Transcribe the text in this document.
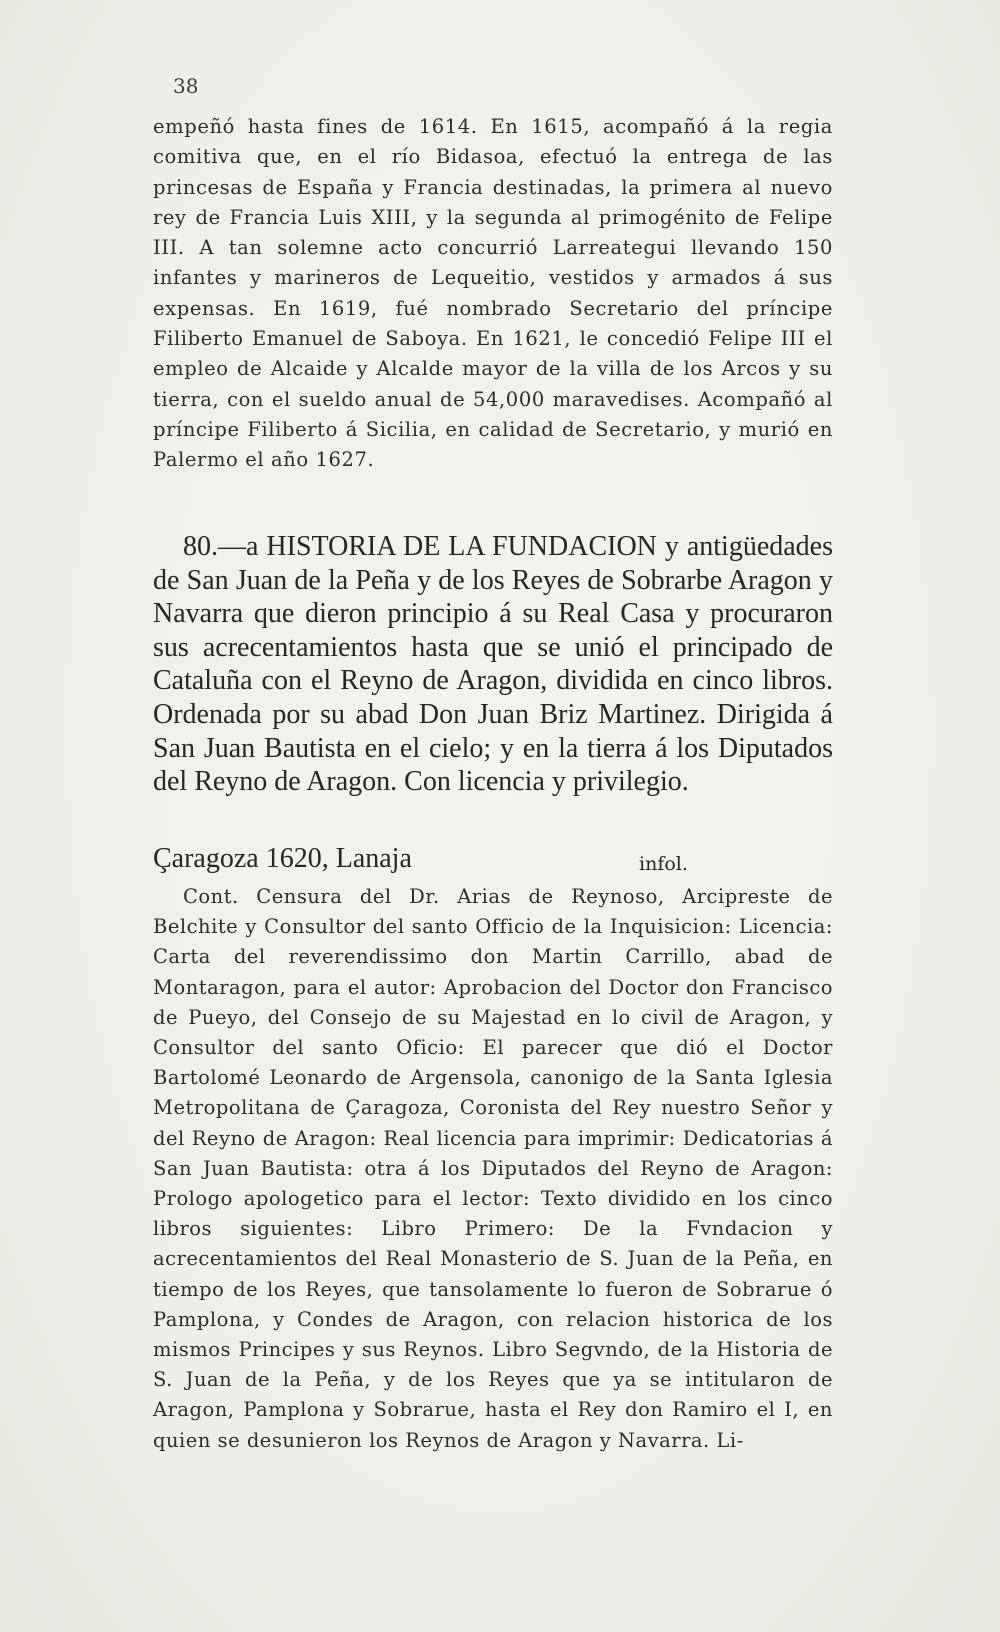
38
empeñó hasta fines de 1614. En 1615, acompañó á la regia comitiva que, en el río Bidasoa, efectuó la entrega de las princesas de España y Francia destinadas, la primera al nuevo rey de Francia Luis XIII, y la segunda al primogénito de Felipe III. A tan solemne acto concurrió Larreategui llevando 150 infantes y marineros de Lequeitio, vestidos y armados á sus expensas. En 1619, fué nombrado Secretario del príncipe Filiberto Emanuel de Saboya. En 1621, le concedió Felipe III el empleo de Alcaide y Alcalde mayor de la villa de los Arcos y su tierra, con el sueldo anual de 54,000 maravedises. Acompañó al príncipe Filiberto á Sicilia, en calidad de Secretario, y murió en Palermo el año 1627.
80.—a HISTORIA DE LA FUNDACION y antigüedades de San Juan de la Peña y de los Reyes de Sobrarbe Aragon y Navarra que dieron principio á su Real Casa y procuraron sus acrecentamientos hasta que se unió el principado de Cataluña con el Reyno de Aragon, dividida en cinco libros. Ordenada por su abad Don Juan Briz Martinez. Dirigida á San Juan Bautista en el cielo; y en la tierra á los Diputados del Reyno de Aragon. Con licencia y privilegio.
Çaragoza 1620, Lanaja	infol.
Cont. Censura del Dr. Arias de Reynoso, Arcipreste de Belchite y Consultor del santo Officio de la Inquisicion: Licencia: Carta del reverendissimo don Martin Carrillo, abad de Montaragon, para el autor: Aprobacion del Doctor don Francisco de Pueyo, del Consejo de su Majestad en lo civil de Aragon, y Consultor del santo Oficio: El parecer que dió el Doctor Bartolomé Leonardo de Argensola, canonigo de la Santa Iglesia Metropolitana de Çaragoza, Coronista del Rey nuestro Señor y del Reyno de Aragon: Real licencia para imprimir: Dedicatorias á San Juan Bautista: otra á los Diputados del Reyno de Aragon: Prologo apologetico para el lector: Texto dividido en los cinco libros siguientes: Libro Primero: De la Fvndacion y acrecentamientos del Real Monasterio de S. Juan de la Peña, en tiempo de los Reyes, que tansolamente lo fueron de Sobrarue ó Pamplona, y Condes de Aragon, con relacion historica de los mismos Principes y sus Reynos. Libro Segvndo, de la Historia de S. Juan de la Peña, y de los Reyes que ya se intitularon de Aragon, Pamplona y Sobrarue, hasta el Rey don Ramiro el I, en quien se desunieron los Reynos de Aragon y Navarra. Li-
